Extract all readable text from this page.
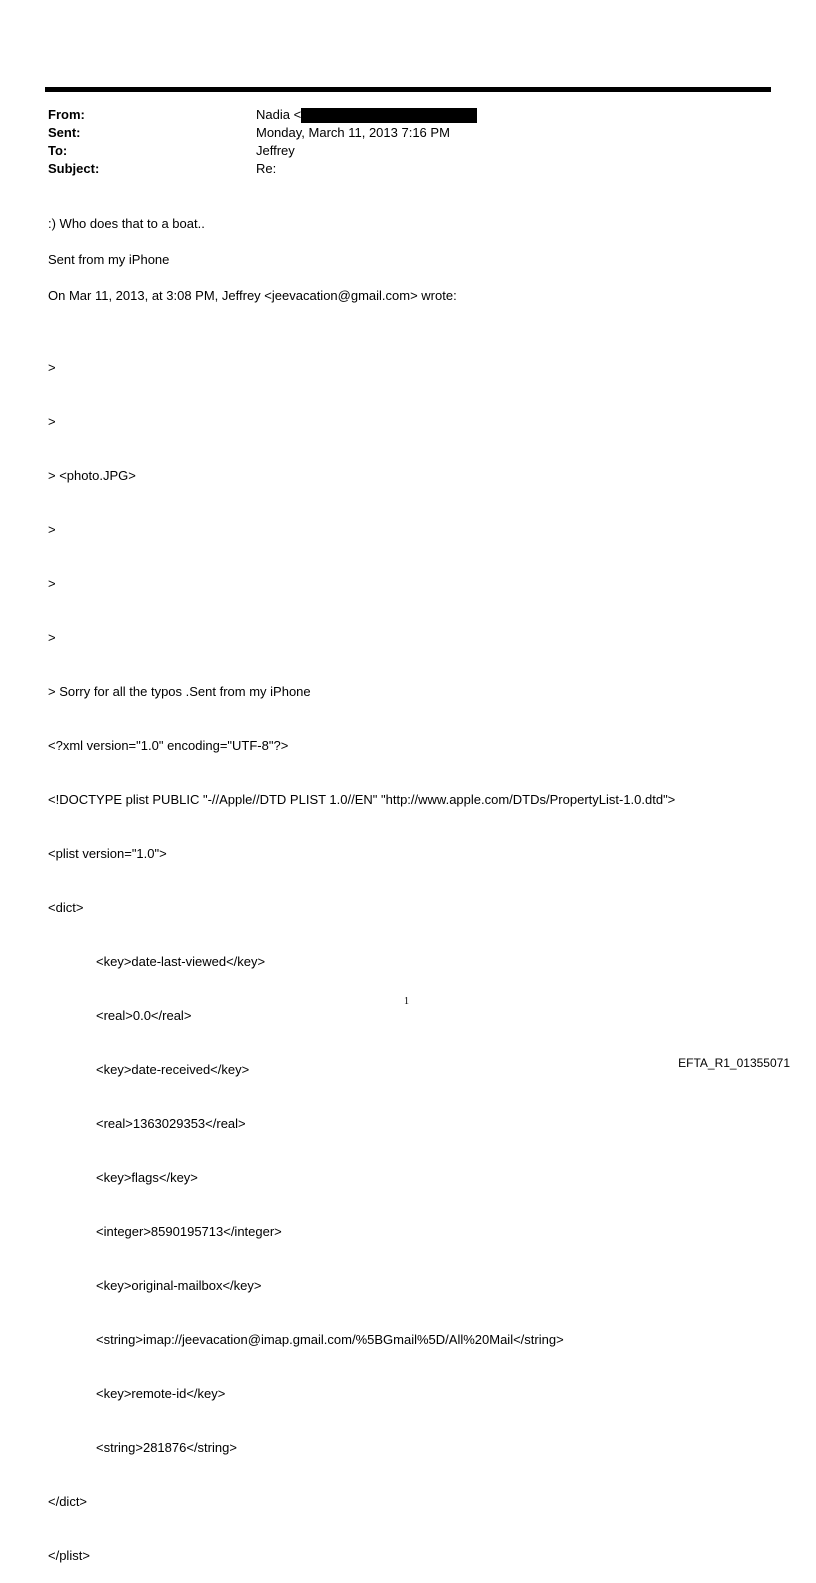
From:	Nadia <
Sent:	Monday, March 11, 2013 7:16 PM
To:	Jeffrey
Subject:	Re:
:) Who does that to a boat..
Sent from my iPhone
On Mar 11, 2013, at 3:08 PM, Jeffrey <jeevacation@gmail.com> wrote:

>

>

> <photo.JPG>

>

>

>

> Sorry for all the typos .Sent from my iPhone

<?xml version="1.0" encoding="UTF-8"?>

<!DOCTYPE plist PUBLIC "-//Apple//DTD PLIST 1.0//EN" "http://www.apple.com/DTDs/PropertyList-1.0.dtd">

<plist version="1.0">

<dict>

<key>date-last-viewed</key>

<real>0.0</real>

<key>date-received</key>

<real>1363029353</real>

<key>flags</key>

<integer>8590195713</integer>

<key>original-mailbox</key>

<string>imap://jeevacation@imap.gmail.com/%5BGmail%5D/All%20Mail</string>

<key>remote-id</key>

<string>281876</string>

</dict>

</plist>

1
EFTA_R1_01355071
